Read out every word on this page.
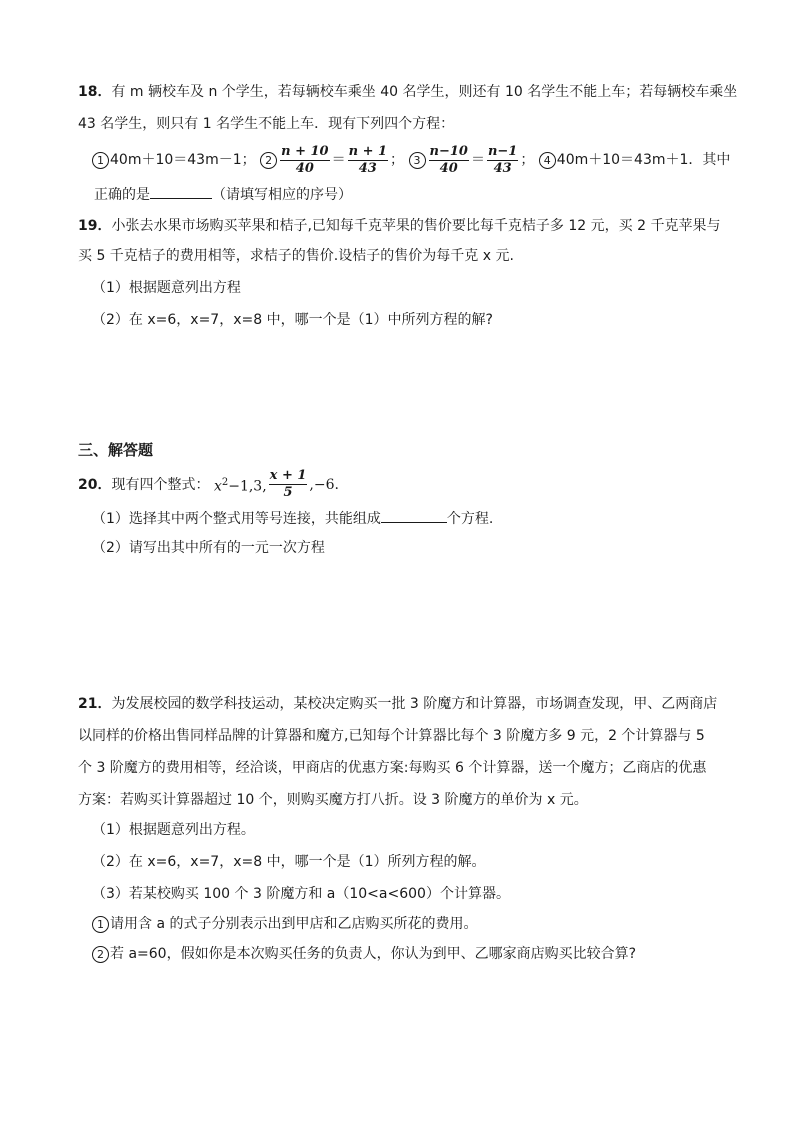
18．有 m 辆校车及 n 个学生，若每辆校车乘坐 40 名学生，则还有 10 名学生不能上车；若每辆校车乘坐
43 名学生，则只有 1 名学生不能上车．现有下列四个方程：
1 40m＋10＝43m－1； $2 \frac{n + 10}{40} = \frac{n + 1}{43}$ ； $3 \frac{n-10}{40} = \frac{n-1}{43}$ ； 4 40m＋10＝43m＋1．其中
正确的是	（请填写相应的序号）
19．小张去水果市场购买苹果和桔子,已知每千克苹果的售价要比每千克桔子多 12 元，买 2 千克苹果与
买 5 千克桔子的费用相等，求桔子的售价.设桔子的售价为每千克 x 元.
（1）根据题意列出方程
（2）在 x=6，x=7，x=8 中，哪一个是（1）中所列方程的解?
三、解答题
20．现有四个整式： $x^2-1,3$, $\frac{x + 1}{5} ,-6$.
（1）选择其中两个整式用等号连接，共能组成	个方程.
（2）请写出其中所有的一元一次方程
21．为发展校园的数学科技运动，某校决定购买一批 3 阶魔方和计算器，市场调查发现，甲、乙两商店
以同样的价格出售同样品牌的计算器和魔方,已知每个计算器比每个 3 阶魔方多 9 元，2 个计算器与 5
个 3 阶魔方的费用相等，经洽谈，甲商店的优惠方案:每购买 6 个计算器，送一个魔方；乙商店的优惠
方案：若购买计算器超过 10 个，则购买魔方打八折。设 3 阶魔方的单价为 x 元。
（1）根据题意列出方程。
（2）在 x=6，x=7，x=8 中，哪一个是（1）所列方程的解。
（3）若某校购买 100 个 3 阶魔方和 a（10<a<600）个计算器。
1 请用含 a 的式子分别表示出到甲店和乙店购买所花的费用。
2 若 a=60，假如你是本次购买任务的负责人，你认为到甲、乙哪家商店购买比较合算?
